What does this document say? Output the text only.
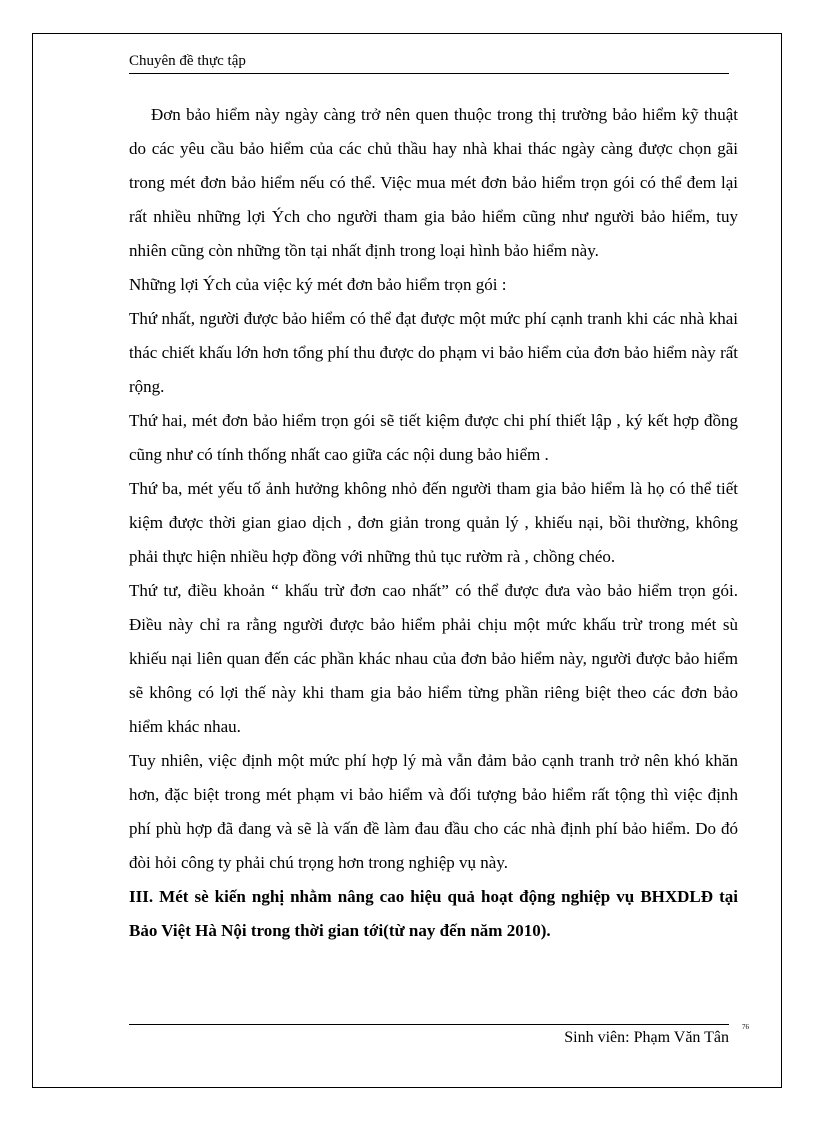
Chuyên đề thực tập

Đơn bảo hiểm này ngày càng trở nên quen thuộc trong thị trường bảo hiểm kỹ thuật do các yêu cầu bảo hiểm của các chủ thầu hay nhà khai thác ngày càng được chọn gãi trong mét đơn bảo hiểm nếu có thể. Việc mua mét đơn bảo hiểm trọn gói có thể đem lại rất nhiều những lợi Ých cho người tham gia bảo hiểm cũng như người bảo hiểm, tuy nhiên cũng còn những tồn tại nhất định trong loại hình bảo hiểm này.

Những lợi Ých của việc ký mét đơn bảo hiểm trọn gói :

Thứ nhất, người được bảo hiểm có thể đạt được một mức phí cạnh tranh khi các nhà khai thác chiết khấu lớn hơn tổng phí thu được do phạm vi bảo hiểm của đơn bảo hiểm này rất rộng.

Thứ hai, mét đơn bảo hiểm trọn gói sẽ tiết kiệm được chi phí thiết lập , ký kết hợp đồng cũng như có tính thống nhất cao giữa các nội dung bảo hiểm .

Thứ ba, mét yếu tố ảnh hưởng không nhỏ đến người tham gia bảo hiểm là họ có thể tiết kiệm được thời gian giao dịch , đơn giản trong quản lý , khiếu nại, bồi thường, không phải thực hiện nhiều hợp đồng với những thủ tục rườm rà , chồng chéo.

Thứ tư, điều khoản “ khấu trừ đơn cao nhất” có thể được đưa vào bảo hiểm trọn gói. Điều này chỉ ra rằng người được bảo hiểm phải chịu một mức khấu trừ trong mét sù khiếu nại liên quan đến các phần khác nhau của đơn bảo hiểm này, người được bảo hiểm sẽ không có lợi thế này khi tham gia bảo hiểm từng phần riêng biệt theo các đơn bảo hiểm khác nhau.

Tuy nhiên, việc định một mức phí hợp lý mà vẫn đảm bảo cạnh tranh trở nên khó khăn hơn, đặc biệt trong mét phạm vi bảo hiểm và đối tượng bảo hiểm rất tộng thì việc định phí phù hợp đã đang và sẽ là vấn đề làm đau đầu cho các nhà định phí bảo hiểm. Do đó đòi hỏi công ty phải chú trọng hơn trong nghiệp vụ này.

III. Mét sè kiến nghị nhằm nâng cao hiệu quả hoạt động nghiệp vụ BHXDLĐ tại Bảo Việt Hà Nội trong thời gian tới(từ nay đến năm 2010).

76
Sinh viên: Phạm Văn Tân
